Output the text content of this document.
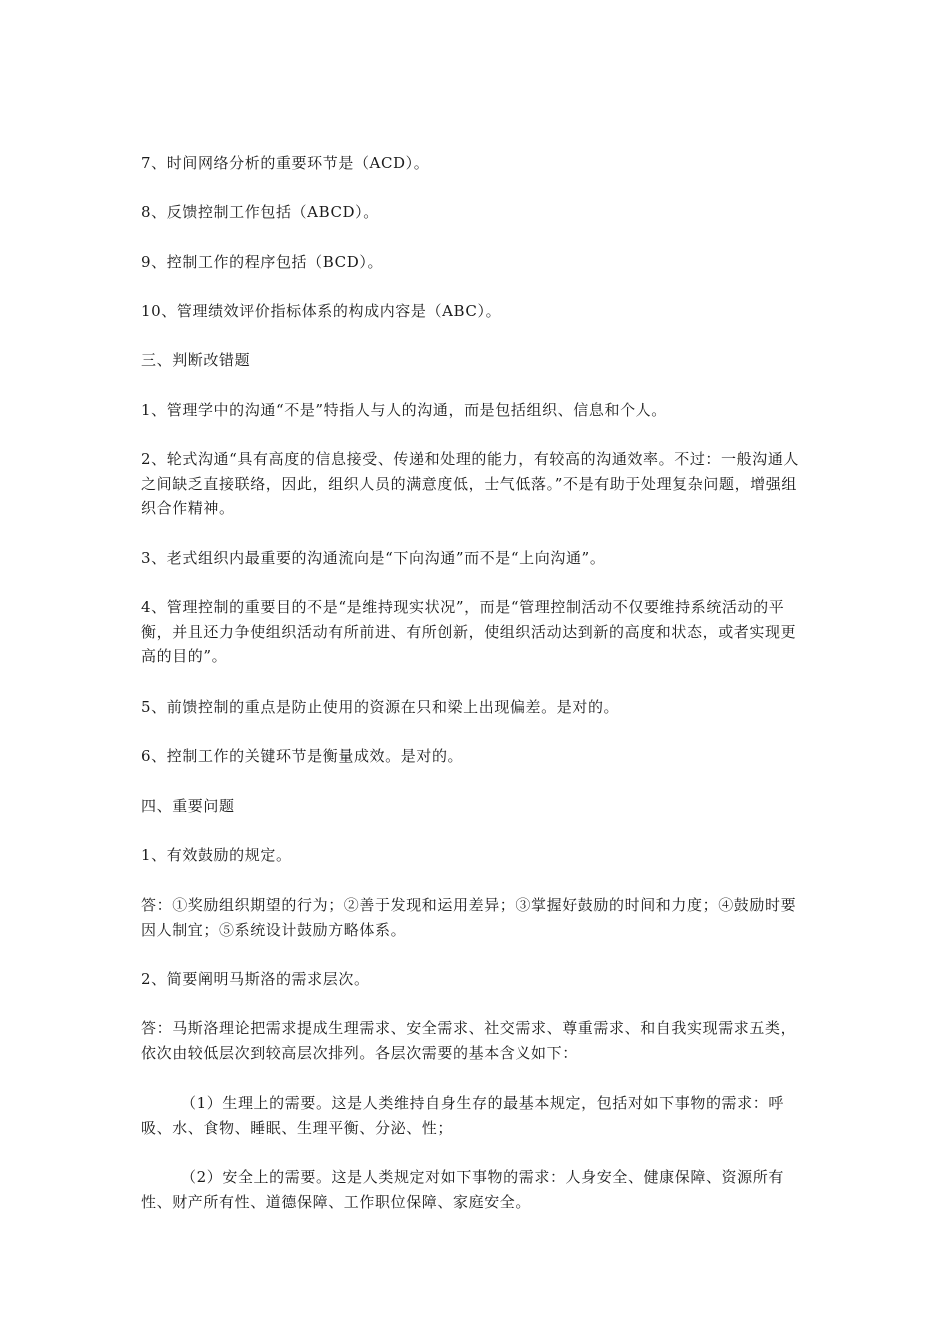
7、时间网络分析的重要环节是（ACD）。

8、反馈控制工作包括（ABCD）。

9、控制工作的程序包括（BCD）。

10、管理绩效评价指标体系的构成内容是（ABC）。

三、判断改错题

1、管理学中的沟通“不是”特指人与人的沟通，而是包括组织、信息和个人。

2、轮式沟通“具有高度的信息接受、传递和处理的能力，有较高的沟通效率。不过：一般沟通人之间缺乏直接联络，因此，组织人员的满意度低，士气低落。”不是有助于处理复杂问题，增强组织合作精神。

3、老式组织内最重要的沟通流向是“下向沟通”而不是“上向沟通”。

4、管理控制的重要目的不是“是维持现实状况”，而是“管理控制活动不仅要维持系统活动的平衡，并且还力争使组织活动有所前进、有所创新，使组织活动达到新的高度和状态，或者实现更高的目的”。

5、前馈控制的重点是防止使用的资源在只和梁上出现偏差。是对的。

6、控制工作的关键环节是衡量成效。是对的。

四、重要问题

1、有效鼓励的规定。

答：①奖励组织期望的行为；②善于发现和运用差异；③掌握好鼓励的时间和力度；④鼓励时要因人制宜；⑤系统设计鼓励方略体系。

2、简要阐明马斯洛的需求层次。

答：马斯洛理论把需求提成生理需求、安全需求、社交需求、尊重需求、和自我实现需求五类，依次由较低层次到较高层次排列。各层次需要的基本含义如下：

（1）生理上的需要。这是人类维持自身生存的最基本规定，包括对如下事物的需求：呼吸、水、食物、睡眠、生理平衡、分泌、性；

（2）安全上的需要。这是人类规定对如下事物的需求：人身安全、健康保障、资源所有性、财产所有性、道德保障、工作职位保障、家庭安全。
